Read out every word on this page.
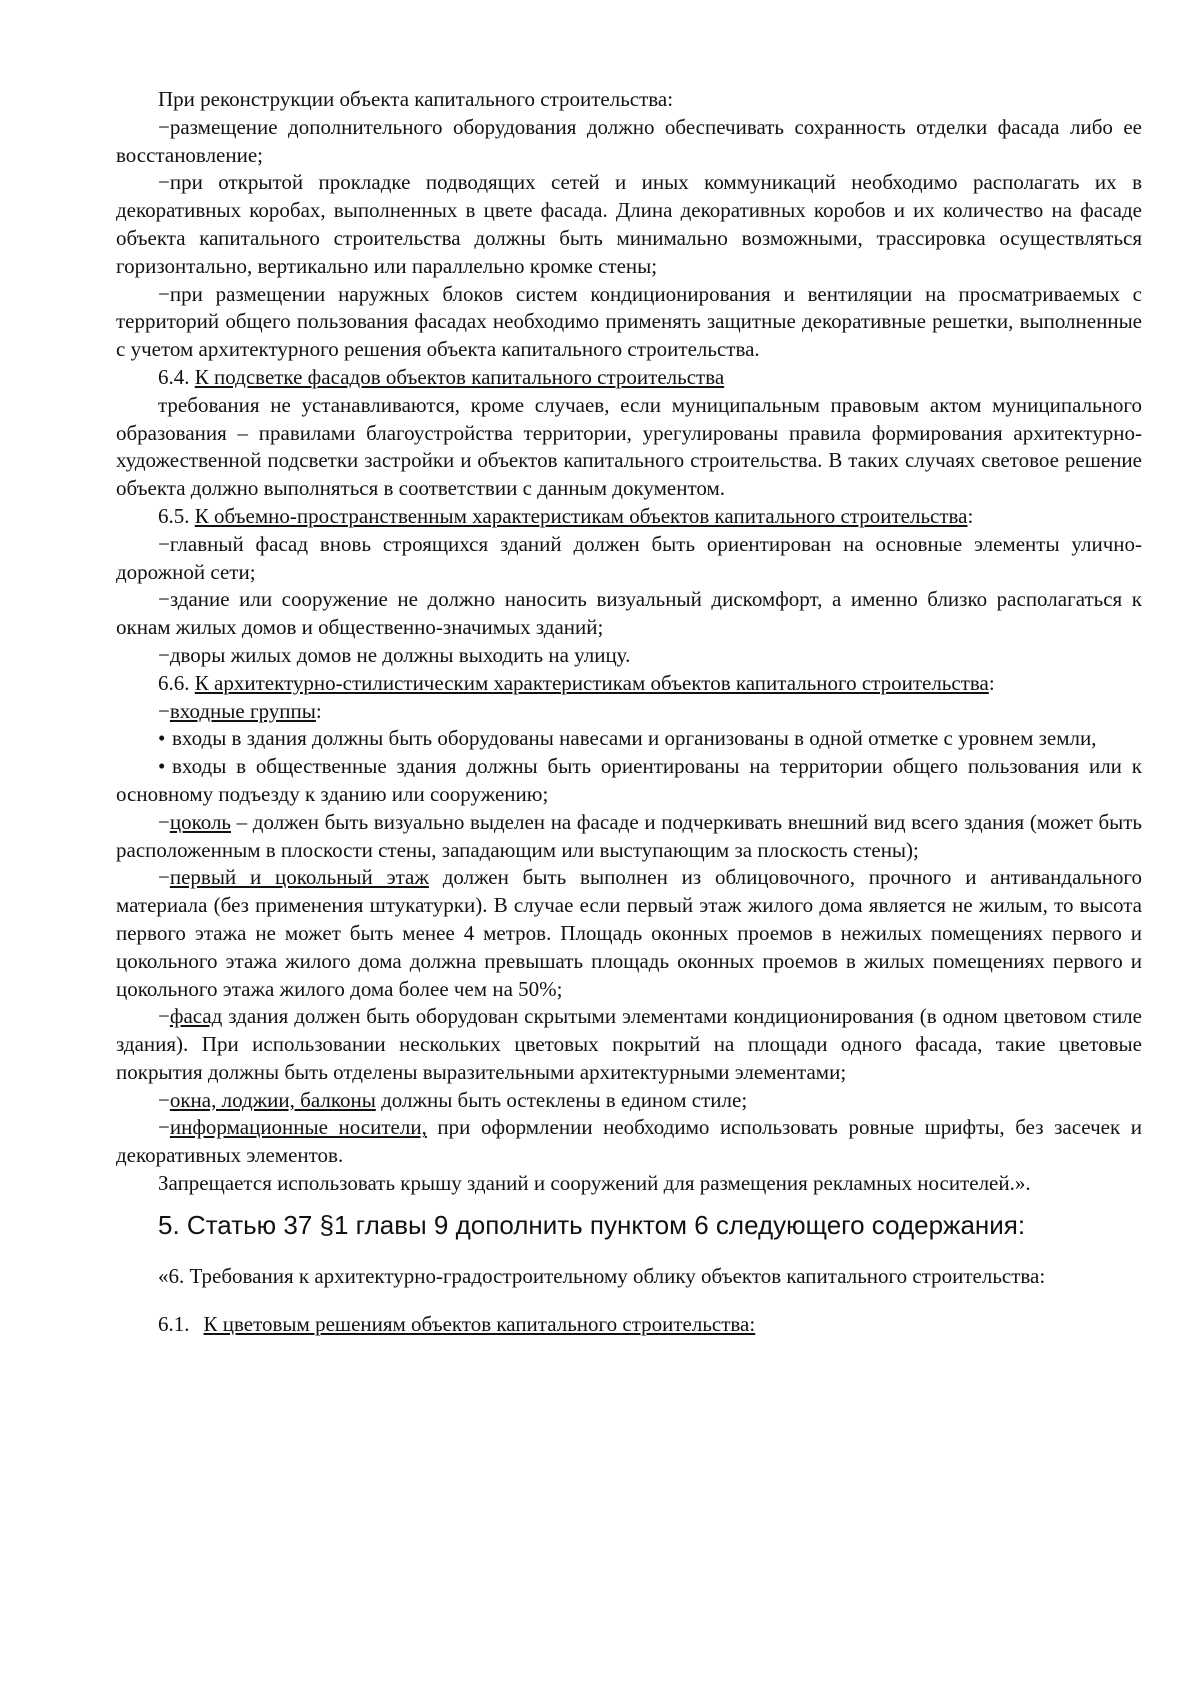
При реконструкции объекта капитального строительства:

−размещение дополнительного оборудования должно обеспечивать сохранность отделки фасада либо ее восстановление;

−при открытой прокладке подводящих сетей и иных коммуникаций необходимо располагать их в декоративных коробах, выполненных в цвете фасада. Длина декоративных коробов и их количество на фасаде объекта капитального строительства должны быть минимально возможными, трассировка осуществляться горизонтально, вертикально или параллельно кромке стены;

−при размещении наружных блоков систем кондиционирования и вентиляции на просматриваемых с территорий общего пользования фасадах необходимо применять защитные декоративные решетки, выполненные с учетом архитектурного решения объекта капитального строительства.

6.4. К подсветке фасадов объектов капитального строительства

требования не устанавливаются, кроме случаев, если муниципальным правовым актом муниципального образования – правилами благоустройства территории, урегулированы правила формирования архитектурно-художественной подсветки застройки и объектов капитального строительства. В таких случаях световое решение объекта должно выполняться в соответствии с данным документом.

6.5. К объемно-пространственным характеристикам объектов капитального строительства:

−главный фасад вновь строящихся зданий должен быть ориентирован на основные элементы улично-дорожной сети;

−здание или сооружение не должно наносить визуальный дискомфорт, а именно близко располагаться к окнам жилых домов и общественно-значимых зданий;

−дворы жилых домов не должны выходить на улицу.

6.6. К архитектурно-стилистическим характеристикам объектов капитального строительства:

−входные группы:

• входы в здания должны быть оборудованы навесами и организованы в одной отметке с уровнем земли,

• входы в общественные здания должны быть ориентированы на территории общего пользования или к основному подъезду к зданию или сооружению;

−цоколь – должен быть визуально выделен на фасаде и подчеркивать внешний вид всего здания (может быть расположенным в плоскости стены, западающим или выступающим за плоскость стены);

−первый и цокольный этаж должен быть выполнен из облицовочного, прочного и антивандального материала (без применения штукатурки). В случае если первый этаж жилого дома является не жилым, то высота первого этажа не может быть менее 4 метров. Площадь оконных проемов в нежилых помещениях первого и цокольного этажа жилого дома должна превышать площадь оконных проемов в жилых помещениях первого и цокольного этажа жилого дома более чем на 50%;

−фасад здания должен быть оборудован скрытыми элементами кондиционирования (в одном цветовом стиле здания). При использовании нескольких цветовых покрытий на площади одного фасада, такие цветовые покрытия должны быть отделены выразительными архитектурными элементами;

−окна, лоджии, балконы должны быть остеклены в едином стиле;

−информационные носители, при оформлении необходимо использовать ровные шрифты, без засечек и декоративных элементов.

Запрещается использовать крышу зданий и сооружений для размещения рекламных носителей.».

5. Статью 37 §1 главы 9 дополнить пунктом 6 следующего содержания:

«6. Требования к архитектурно-градостроительному облику объектов капитального строительства:

6.1. К цветовым решениям объектов капитального строительства:
